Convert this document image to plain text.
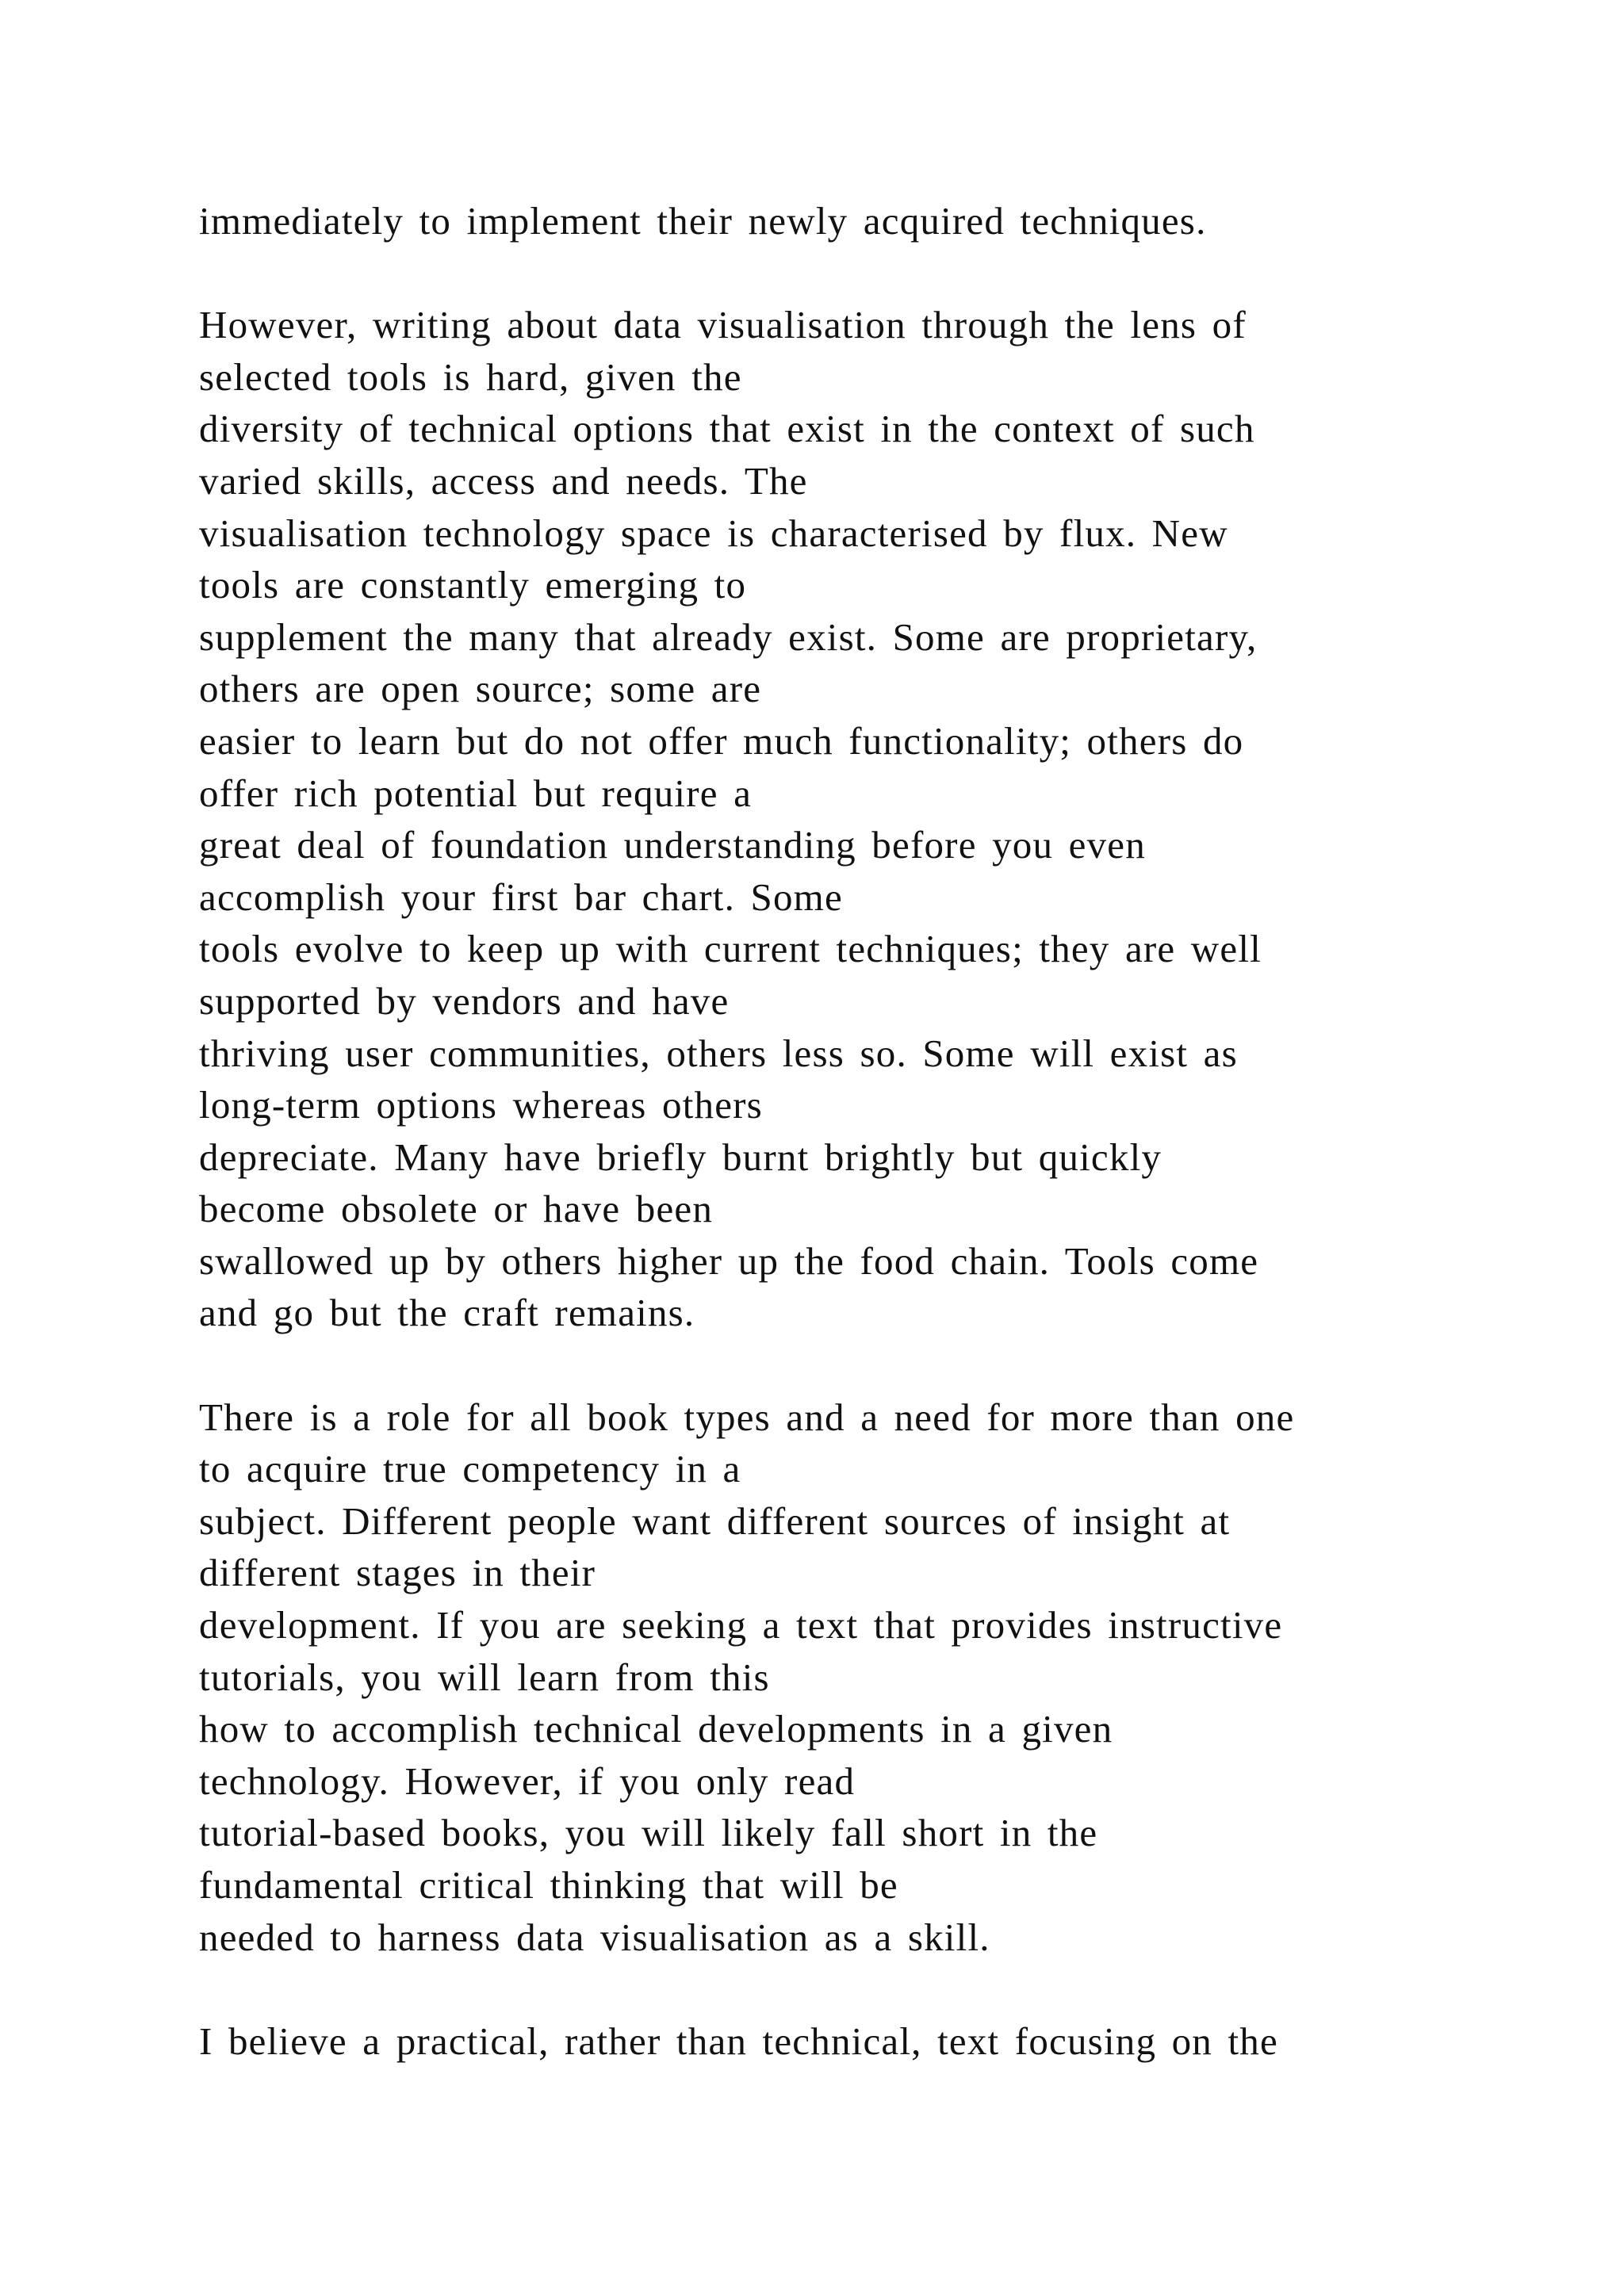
immediately to implement their newly acquired techniques.
However, writing about data visualisation through the lens of
selected tools is hard, given the
diversity of technical options that exist in the context of such
varied skills, access and needs. The
visualisation technology space is characterised by flux. New
tools are constantly emerging to
supplement the many that already exist. Some are proprietary,
others are open source; some are
easier to learn but do not offer much functionality; others do
offer rich potential but require a
great deal of foundation understanding before you even
accomplish your first bar chart. Some
tools evolve to keep up with current techniques; they are well
supported by vendors and have
thriving user communities, others less so. Some will exist as
long-term options whereas others
depreciate. Many have briefly burnt brightly but quickly
become obsolete or have been
swallowed up by others higher up the food chain. Tools come
and go but the craft remains.
There is a role for all book types and a need for more than one
to acquire true competency in a
subject. Different people want different sources of insight at
different stages in their
development. If you are seeking a text that provides instructive
tutorials, you will learn from this
how to accomplish technical developments in a given
technology. However, if you only read
tutorial-based books, you will likely fall short in the
fundamental critical thinking that will be
needed to harness data visualisation as a skill.
I believe a practical, rather than technical, text focusing on the
